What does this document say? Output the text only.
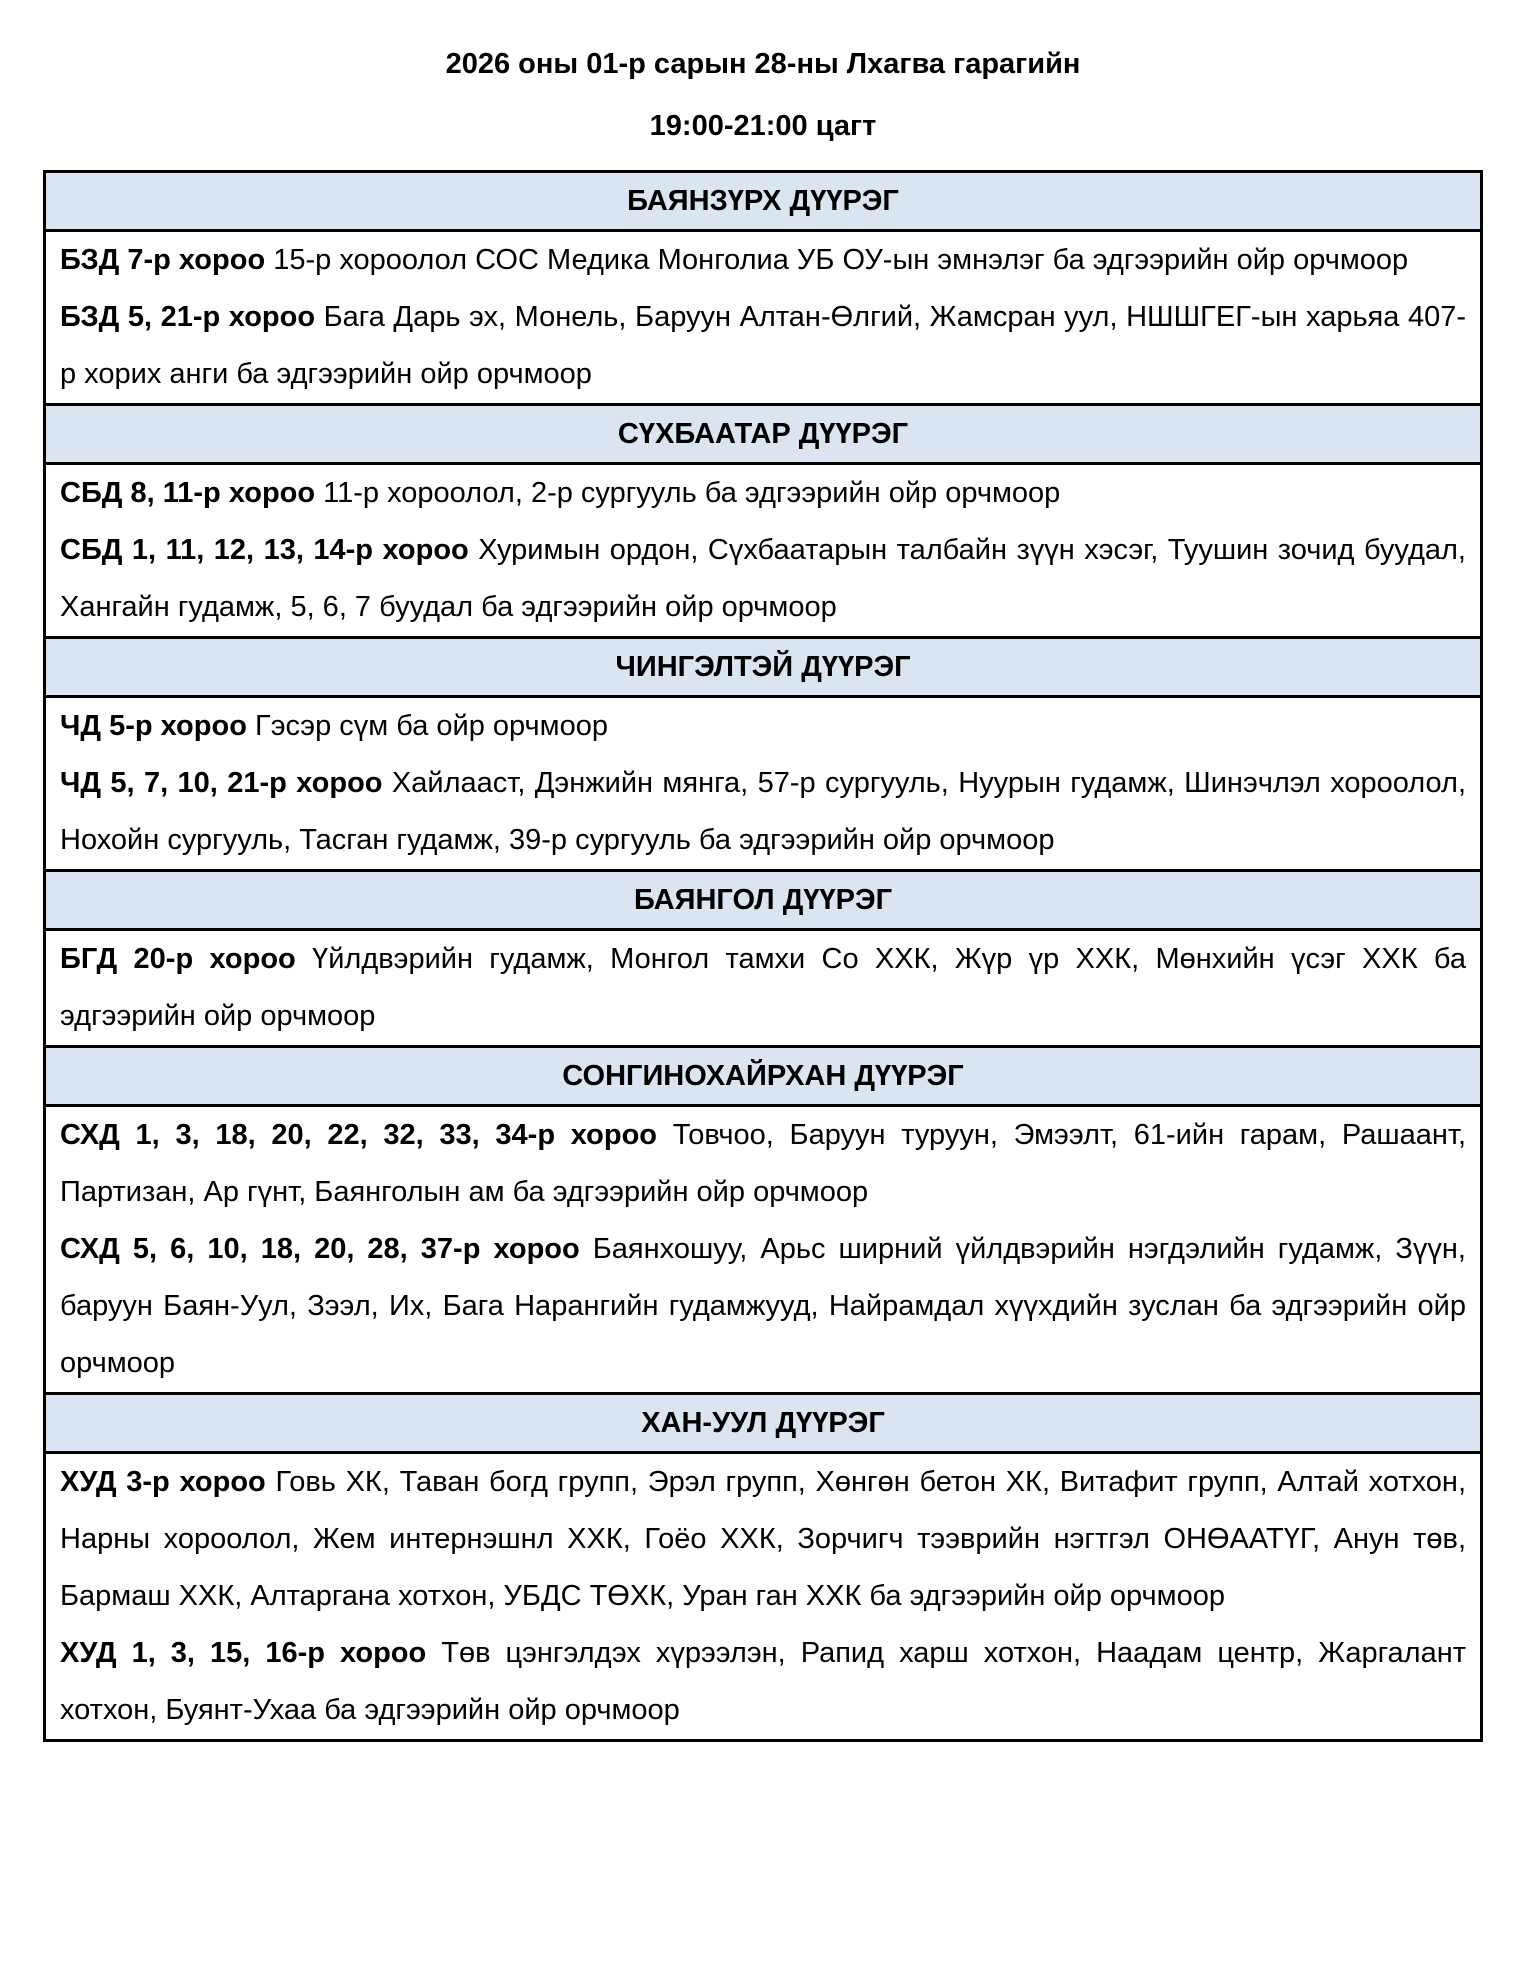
2026 оны 01-р сарын 28-ны Лхагва гарагийн

19:00-21:00 цагт

БАЯНЗҮРХ ДҮҮРЭГ

БЗД 7-р хороо 15-р хороолол СОС Медика Монголиа УБ ОУ-ын эмнэлэг ба эдгээрийн ойр орчмоор

БЗД 5, 21-р хороо Бага Дарь эх, Монель, Баруун Алтан-Өлгий, Жамсран уул, НШШГЕГ-ын харьяа 407-р хорих анги ба эдгээрийн ойр орчмоор

СҮХБААТАР ДҮҮРЭГ

СБД 8, 11-р хороо 11-р хороолол, 2-р сургууль ба эдгээрийн ойр орчмоор

СБД 1, 11, 12, 13, 14-р хороо Хуримын ордон, Сүхбаатарын талбайн зүүн хэсэг, Туушин зочид буудал, Хангайн гудамж, 5, 6, 7 буудал ба эдгээрийн ойр орчмоор

ЧИНГЭЛТЭЙ ДҮҮРЭГ

ЧД 5-р хороо Гэсэр сүм ба ойр орчмоор

ЧД 5, 7, 10, 21-р хороо Хайлааст, Дэнжийн мянга, 57-р сургууль, Нуурын гудамж, Шинэчлэл хороолол, Нохойн сургууль, Тасган гудамж, 39-р сургууль ба эдгээрийн ойр орчмоор

БАЯНГОЛ ДҮҮРЭГ

БГД 20-р хороо Үйлдвэрийн гудамж, Монгол тамхи Со ХХК, Жүр үр ХХК, Мөнхийн үсэг ХХК ба эдгээрийн ойр орчмоор

СОНГИНОХАЙРХАН ДҮҮРЭГ

СХД 1, 3, 18, 20, 22, 32, 33, 34-р хороо Товчоо, Баруун туруун, Эмээлт, 61-ийн гарам, Рашаант, Партизан, Ар гүнт, Баянголын ам ба эдгээрийн ойр орчмоор

СХД 5, 6, 10, 18, 20, 28, 37-р хороо Баянхошуу, Арьс ширний үйлдвэрийн нэгдэлийн гудамж, Зүүн, баруун Баян-Уул, Зээл, Их, Бага Нарангийн гудамжууд, Найрамдал хүүхдийн зуслан ба эдгээрийн ойр орчмоор

ХАН-УУЛ ДҮҮРЭГ

ХУД 3-р хороо Говь ХК, Таван богд групп, Эрэл групп, Хөнгөн бетон ХК, Витафит групп, Алтай хотхон, Нарны хороолол, Жем интернэшнл ХХК, Гоёо ХХК, Зорчигч тээврийн нэгтгэл ОНӨААТҮГ, Анун төв, Бармаш ХХК, Алтаргана хотхон, УБДС ТӨХК, Уран ган ХХК ба эдгээрийн ойр орчмоор

ХУД 1, 3, 15, 16-р хороо Төв цэнгэлдэх хүрээлэн, Рапид харш хотхон, Наадам центр, Жаргалант хотхон, Буянт-Ухаа ба эдгээрийн ойр орчмоор
